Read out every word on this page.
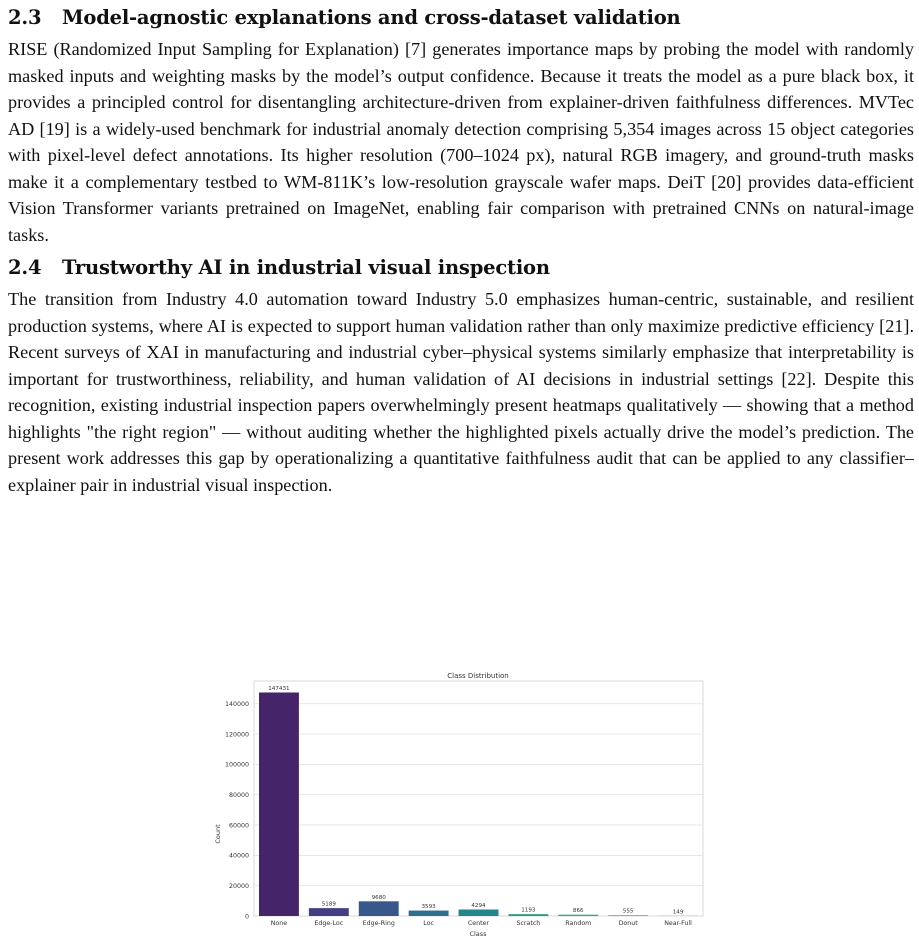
2.3 Model-agnostic explanations and cross-dataset validation

RISE (Randomized Input Sampling for Explanation) [7] generates importance maps by probing the model with randomly masked inputs and weighting masks by the model’s output confidence. Because it treats the model as a pure black box, it provides a principled control for disentangling architecture-driven from explainer-driven faithfulness differences. MVTec AD [19] is a widely-used benchmark for industrial anomaly detection comprising 5,354 images across 15 object categories with pixel-level defect annotations. Its higher resolution (700–1024 px), natural RGB imagery, and ground-truth masks make it a complementary testbed to WM-811K’s low-resolution grayscale wafer maps. DeiT [20] provides data-efficient Vision Transformer variants pretrained on ImageNet, enabling fair comparison with pretrained CNNs on natural-image tasks.

2.4 Trustworthy AI in industrial visual inspection

The transition from Industry 4.0 automation toward Industry 5.0 emphasizes human-centric, sustainable, and resilient production systems, where AI is expected to support human validation rather than only maximize predictive efficiency [21]. Recent surveys of XAI in manufacturing and industrial cyber–physical systems similarly emphasize that interpretability is important for trustworthiness, reliability, and human validation of AI decisions in industrial settings [22]. Despite this recognition, existing industrial inspection papers overwhelmingly present heatmaps qualitatively — showing that a method highlights "the right region" — without auditing whether the highlighted pixels actually drive the model’s prediction. The present work addresses this gap by operationalizing a quantitative faithfulness audit that can be applied to any classifier–explainer pair in industrial visual inspection.

Class Distribution
Count
Class
0
20000
40000
60000
80000
100000
120000
140000
147431
None
5189
Edge-Loc
9680
Edge-Ring
3593
Loc
4294
Center
1193
Scratch
866
Random
555
Donut
149
Near-Full
